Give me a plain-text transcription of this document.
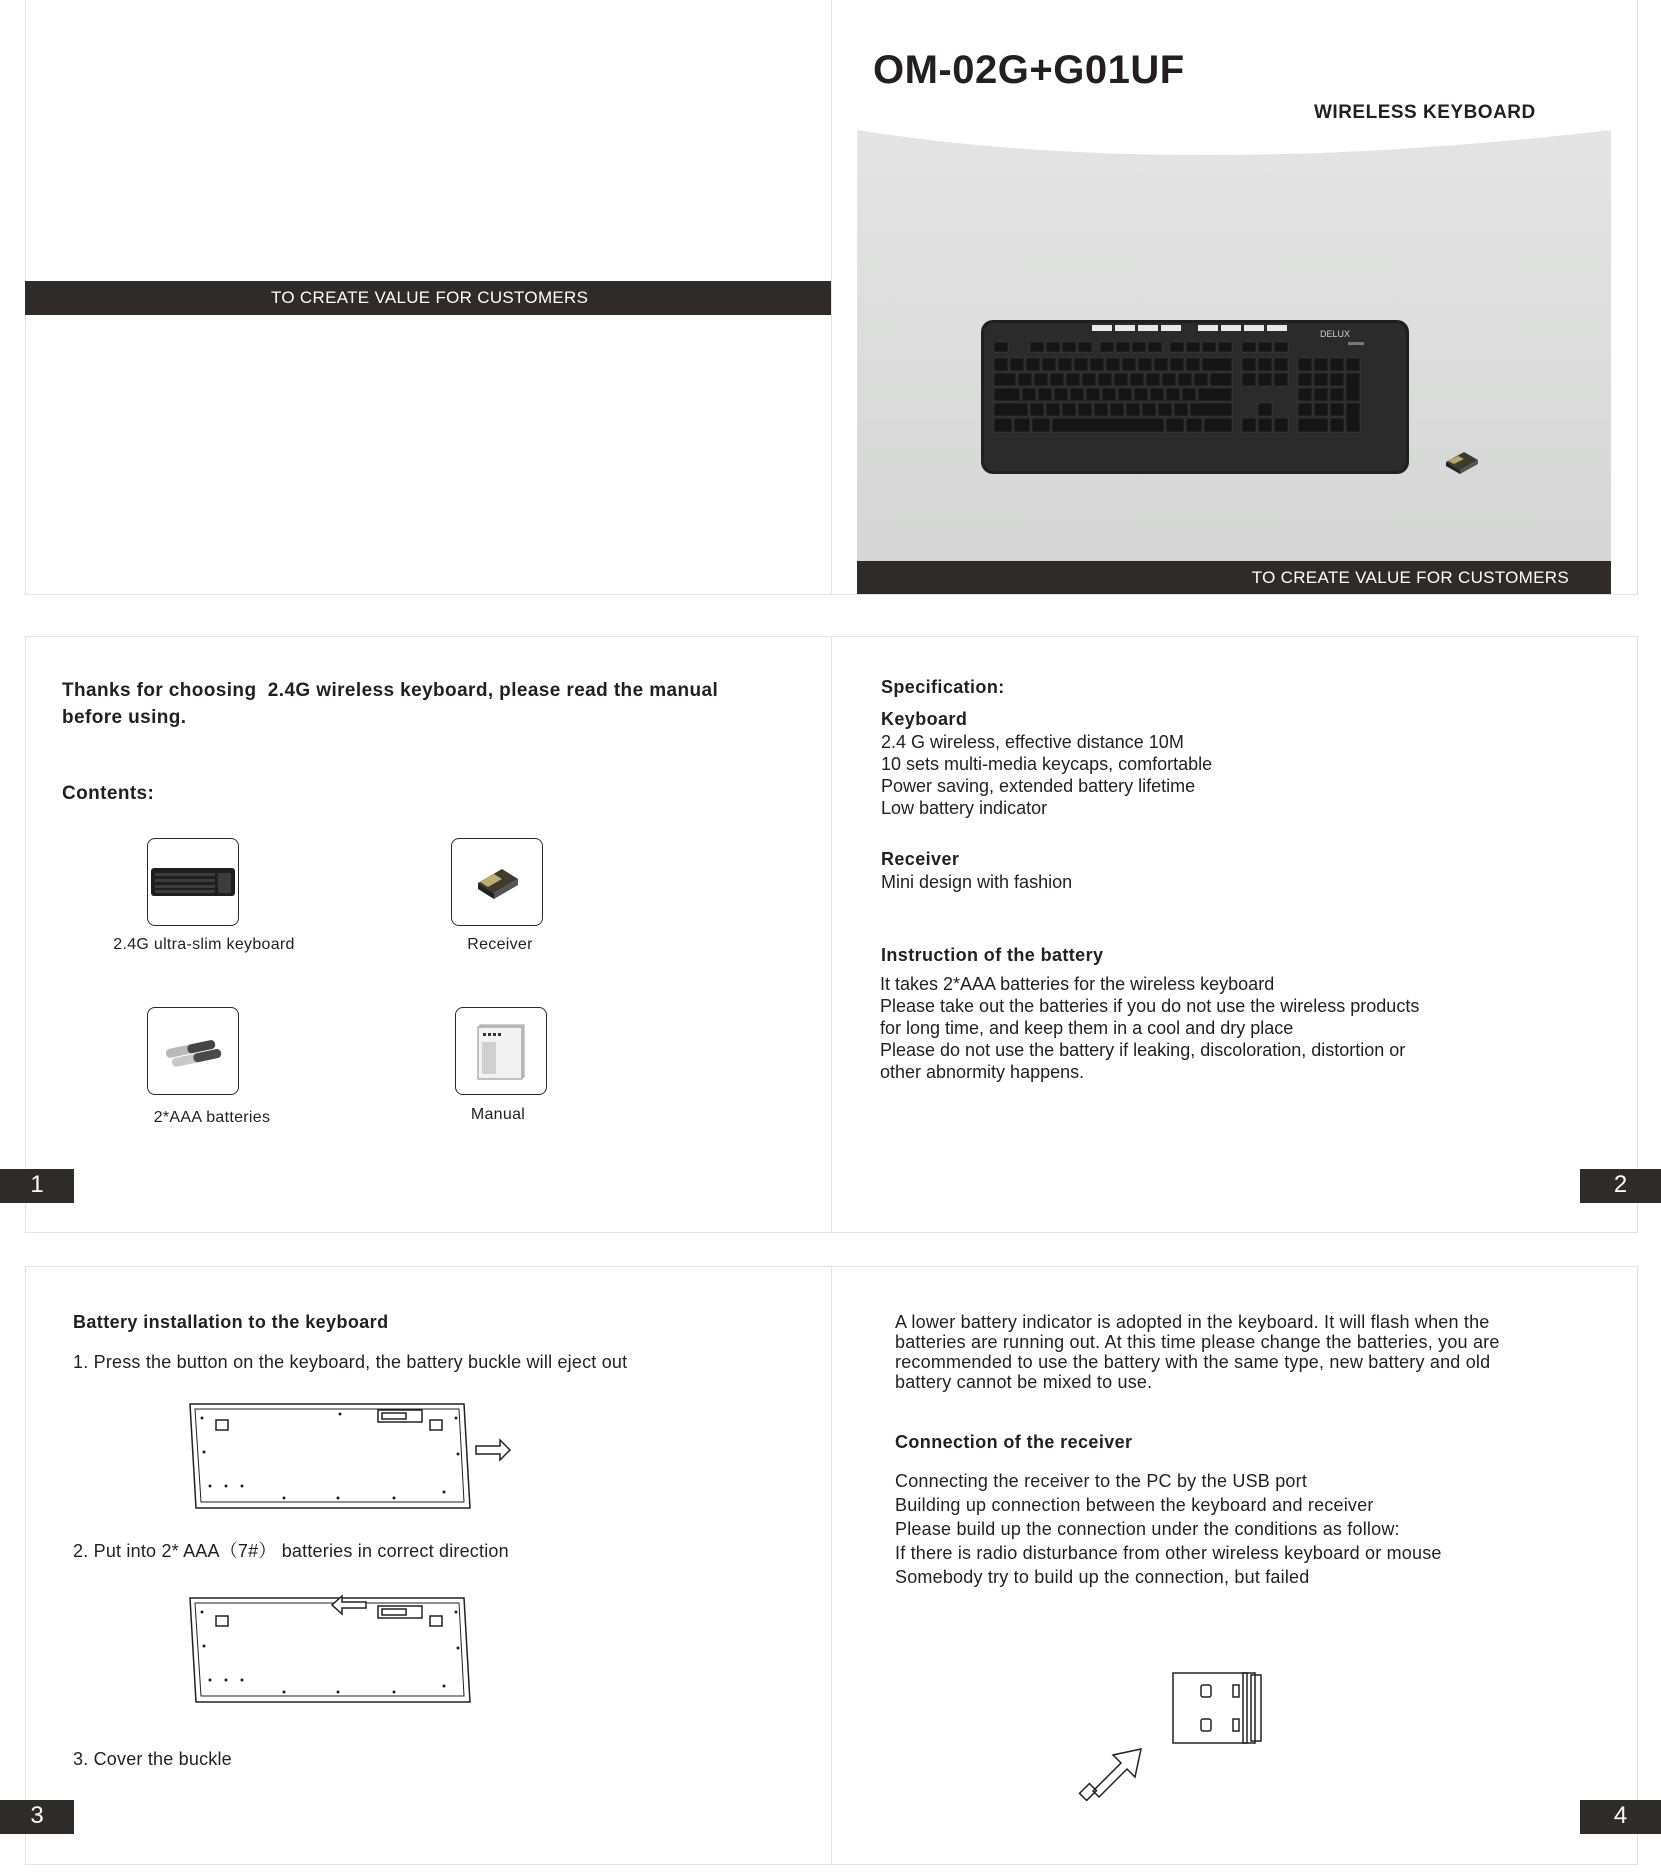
TO CREATE VALUE FOR CUSTOMERS
OM-02G+G01UF
WIRELESS KEYBOARD
DELUX
TO CREATE VALUE FOR CUSTOMERS
Thanks for choosing  2.4G wireless keyboard, please read the manual
before using.
Contents:
2.4G ultra-slim keyboard	Receiver
2*AAA batteries	Manual
1
Specification:
Keyboard
2.4 G wireless, effective distance 10M
10 sets multi-media keycaps, comfortable
Power saving, extended battery lifetime
Low battery indicator
Receiver
Mini design with fashion
Instruction of the battery
It takes 2*AAA batteries for the wireless keyboard
Please take out the batteries if you do not use the wireless products
for long time, and keep them in a cool and dry place
Please do not use the battery if leaking, discoloration, distortion or
other abnormity happens.
2
Battery installation to the keyboard
1. Press the button on the keyboard, the battery buckle will eject out
2. Put into 2* AAA（7#） batteries in correct direction
3. Cover the buckle
3
A lower battery indicator is adopted in the keyboard. It will flash when the
batteries are running out. At this time please change the batteries, you are
recommended to use the battery with the same type, new battery and old
battery cannot be mixed to use.
Connection of the receiver
Connecting the receiver to the PC by the USB port
Building up connection between the keyboard and receiver
Please build up the connection under the conditions as follow:
If there is radio disturbance from other wireless keyboard or mouse
Somebody try to build up the connection, but failed
4
